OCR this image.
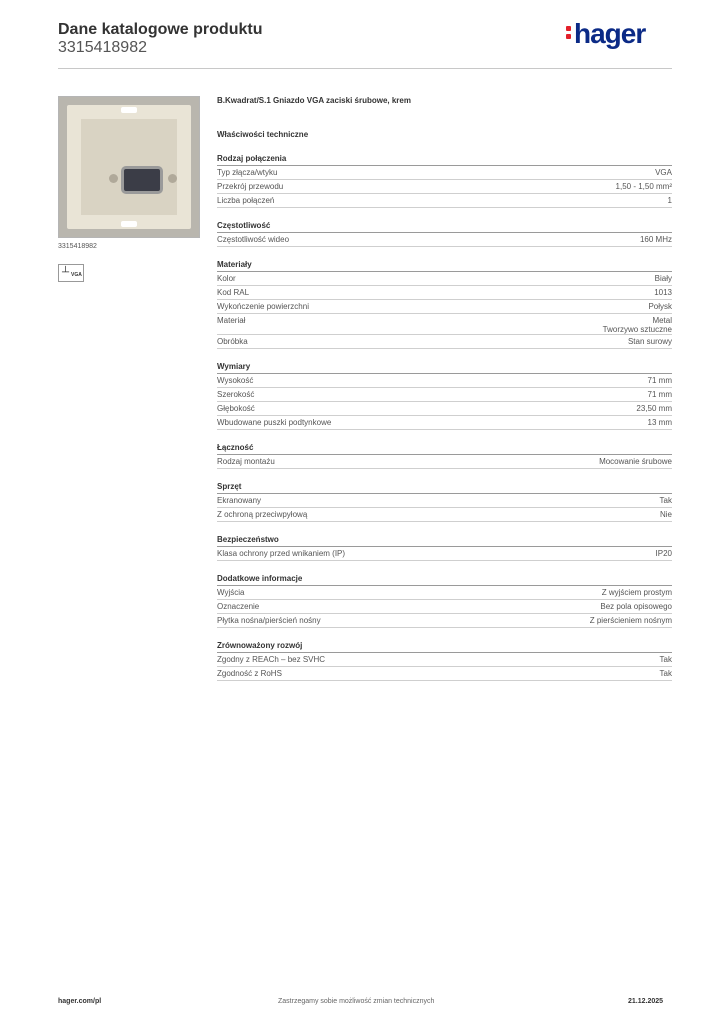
Dane katalogowe produktu
3315418982	hager
3315418982
┴ VGA
B.Kwadrat/S.1 Gniazdo VGA zaciski śrubowe, krem
Właściwości techniczne
Rodzaj połączenia
Typ złącza/wtyku	VGA
Przekrój przewodu	1,50 - 1,50 mm²
Liczba połączeń	1
Częstotliwość
Częstotliwość wideo	160 MHz
Materiały
Kolor	Biały
Kod RAL	1013
Wykończenie powierzchni	Połysk
Materiał	Metal
Tworzywo sztuczne
Obróbka	Stan surowy
Wymiary
Wysokość	71 mm
Szerokość	71 mm
Głębokość	23,50 mm
Wbudowane puszki podtynkowe	13 mm
Łączność
Rodzaj montażu	Mocowanie śrubowe
Sprzęt
Ekranowany	Tak
Z ochroną przeciwpyłową	Nie
Bezpieczeństwo
Klasa ochrony przed wnikaniem (IP)	IP20
Dodatkowe informacje
Wyjścia	Z wyjściem prostym
Oznaczenie	Bez pola opisowego
Płytka nośna/pierścień nośny	Z pierścieniem nośnym
Zrównoważony rozwój
Zgodny z REACh – bez SVHC	Tak
Zgodność z RoHS	Tak
hager.com/pl	Zastrzegamy sobie możliwość zmian technicznych	21.12.2025
